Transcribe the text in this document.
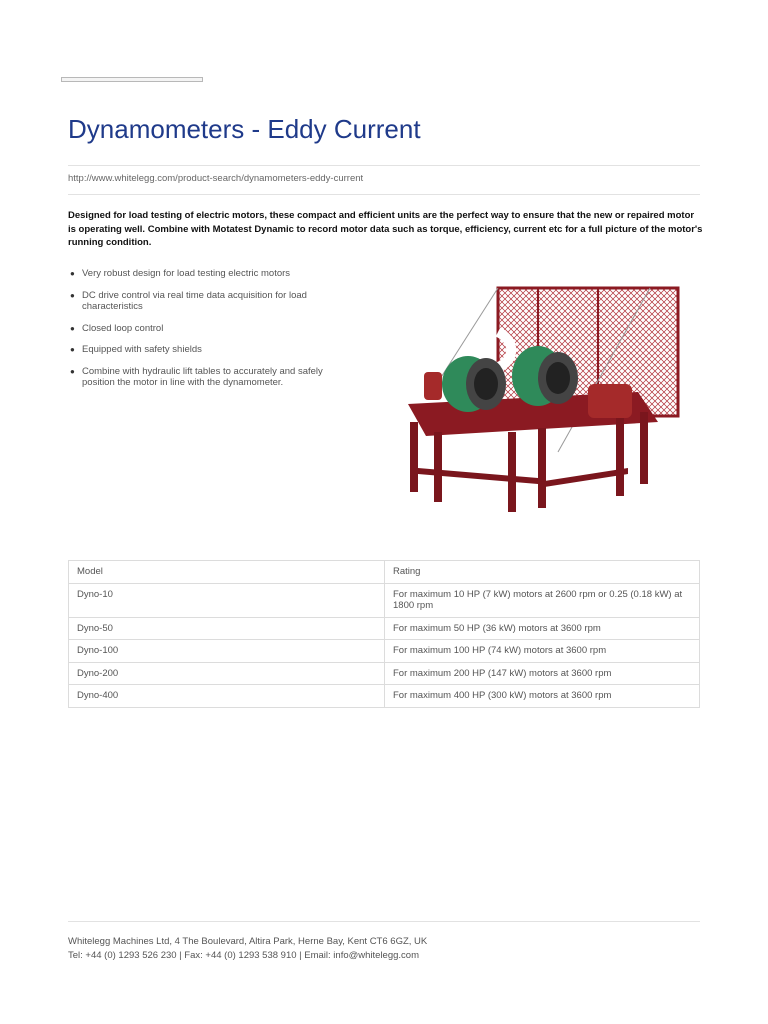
Dynamometers - Eddy Current
http://www.whitelegg.com/product-search/dynamometers-eddy-current

Designed for load testing of electric motors, these compact and efficient units are the perfect way to ensure that the new or repaired motor is operating well. Combine with Motatest Dynamic to record motor data such as torque, efficiency, current etc for a full picture of the motor's running condition.

● Very robust design for load testing electric motors
● DC drive control via real time data acquisition for load characteristics
● Closed loop control
● Equipped with safety shields
● Combine with hydraulic lift tables to accurately and safely position the motor in line with the dynamometer.
Model	Rating
Dyno-10	For maximum 10 HP (7 kW) motors at 2600 rpm or 0.25 (0.18 kW) at 1800 rpm
Dyno-50	For maximum 50 HP (36 kW) motors at 3600 rpm
Dyno-100	For maximum 100 HP (74 kW) motors at 3600 rpm
Dyno-200	For maximum 200 HP (147 kW) motors at 3600 rpm
Dyno-400	For maximum 400 HP (300 kW) motors at 3600 rpm
Whitelegg Machines Ltd, 4 The Boulevard, Altira Park, Herne Bay, Kent CT6 6GZ, UK
Tel: +44 (0) 1293 526 230 | Fax: +44 (0) 1293 538 910 | Email: info@whitelegg.com
